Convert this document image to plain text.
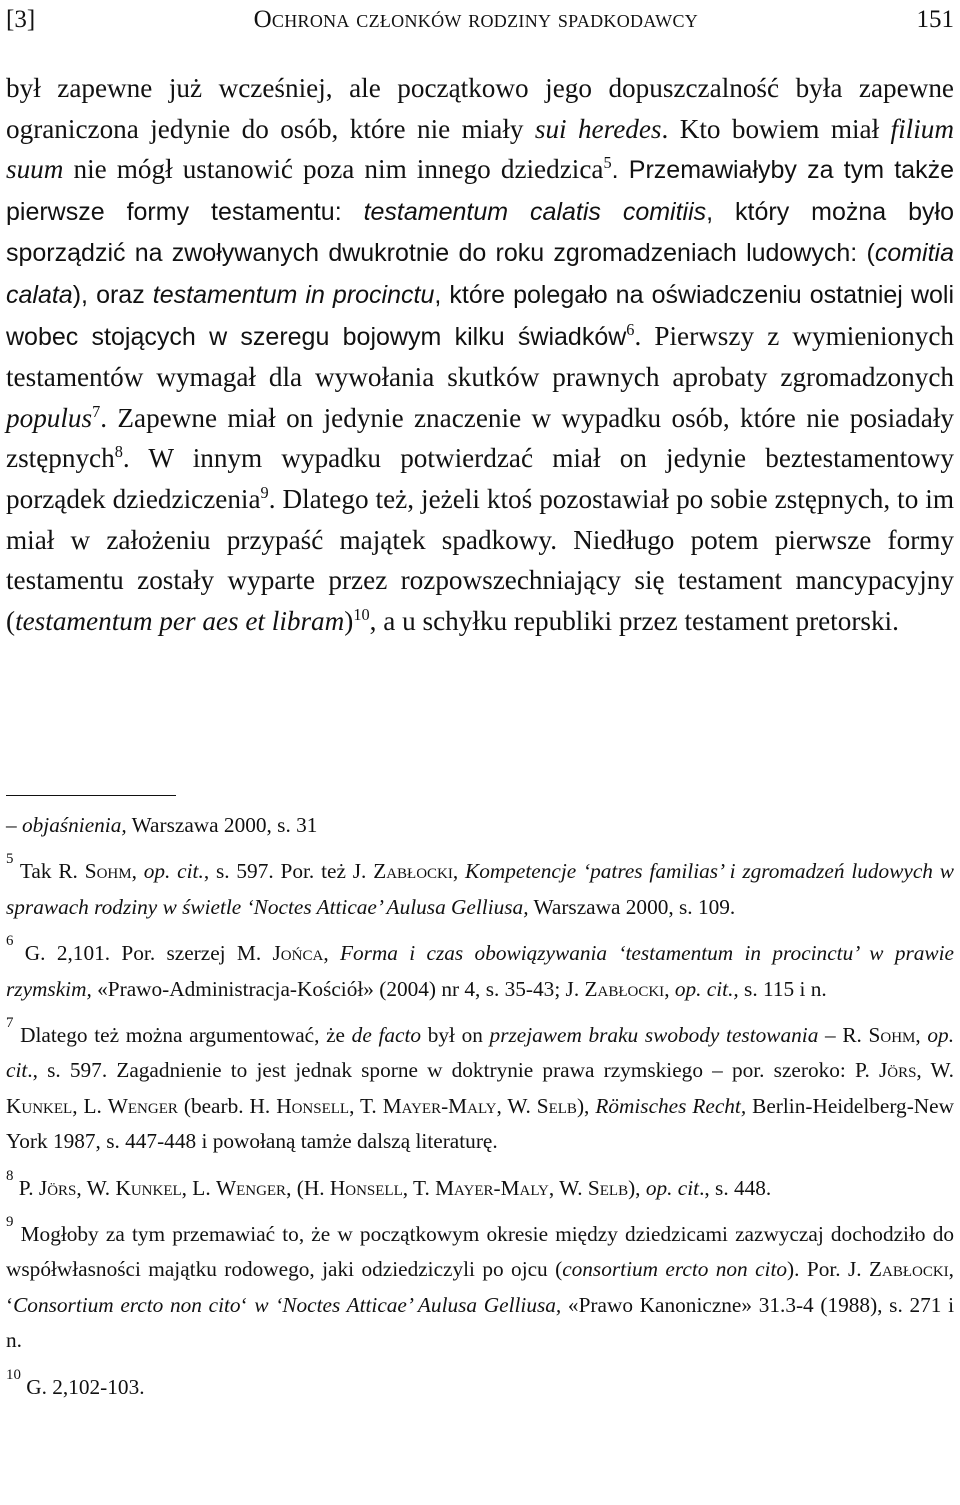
[3]	Ochrona członków rodziny spadkodawcy	151

był zapewne już wcześniej, ale początkowo jego dopuszczalność była zapewne ograniczona jedynie do osób, które nie miały sui heredes. Kto bowiem miał filium suum nie mógł ustanowić poza nim innego dziedzica$^5$. Przemawiałyby za tym także pierwsze formy testamentu: testamentum calatis comitiis, który można było sporządzić na zwoływanych dwukrotnie do roku zgromadzeniach ludowych: (comitia calata), oraz testamentum in procinctu, które polegało na oświadczeniu ostatniej woli wobec stojących w szeregu bojowym kilku świadków$^6$. Pierwszy z wymienionych testamentów wymagał dla wywołania skutków prawnych aprobaty zgromadzonych populus$^7$. Zapewne miał on jedynie znaczenie w wypadku osób, które nie posiadały zstępnych$^8$. W innym wypadku potwierdzać miał on jedynie beztestamentowy porządek dziedziczenia$^9$. Dlatego też, jeżeli ktoś pozostawiał po sobie zstępnych, to im miał w założeniu przypaść majątek spadkowy. Niedługo potem pierwsze formy testamentu zostały wyparte przez rozpowszechniający się testament mancypacyjny (testamentum per aes et libram)$^{10}$, a u schyłku republiki przez testament pretorski.

– objaśnienia, Warszawa 2000, s. 31

$^5$ Tak R. Sohm, op. cit., s. 597. Por. też J. Zabłocki, Kompetencje ‘patres familias’ i zgromadzeń ludowych w sprawach rodziny w świetle ‘Noctes Atticae’ Aulusa Gelliusa, Warszawa 2000, s. 109.

$^6$ G. 2,101. Por. szerzej M. Jońca, Forma i czas obowiązywania ‘testamentum in procinctu’ w prawie rzymskim, «Prawo-Administracja-Kościół» (2004) nr 4, s. 35-43; J. Zabłocki, op. cit., s. 115 i n.

$^7$ Dlatego też można argumentować, że de facto był on przejawem braku swobody testowania – R. Sohm, op. cit., s. 597. Zagadnienie to jest jednak sporne w doktrynie prawa rzymskiego – por. szeroko: P. Jörs, W. Kunkel, L. Wenger (bearb. H. Honsell, T. Mayer-Maly, W. Selb), Römisches Recht, Berlin-Heidelberg-New York 1987, s. 447-448 i powołaną tamże dalszą literaturę.

$^8$ P. Jörs, W. Kunkel, L. Wenger, (H. Honsell, T. Mayer-Maly, W. Selb), op. cit., s. 448.

$^9$ Mogłoby za tym przemawiać to, że w początkowym okresie między dziedzicami zazwyczaj dochodziło do współwłasności majątku rodowego, jaki odziedziczyli po ojcu (consortium ercto non cito). Por. J. Zabłocki, ‘Consortium ercto non cito‘ w ‘Noctes Atticae’ Aulusa Gelliusa, «Prawo Kanoniczne» 31.3-4 (1988), s. 271 i n.

$^{10}$ G. 2,102-103.
